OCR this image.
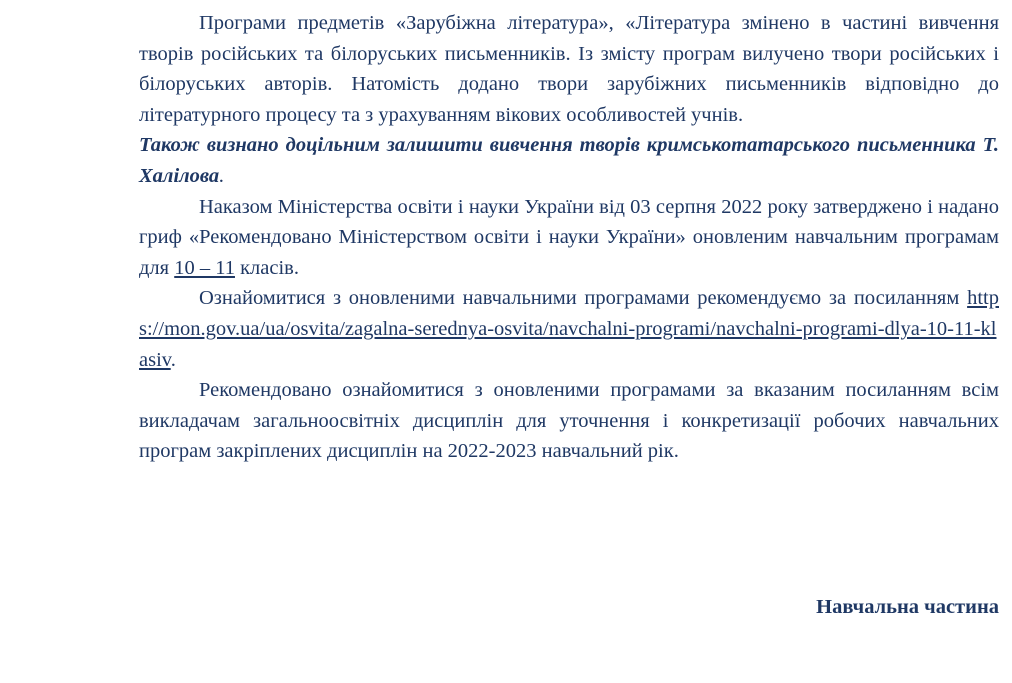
Програми предметів «Зарубіжна література», «Література змінено в частині вивчення творів російських та білоруських письменників. Із змісту програм вилучено твори російських і білоруських авторів. Натомість додано твори зарубіжних письменників відповідно до літературного процесу та з урахуванням вікових особливостей учнів.

Також визнано доцільним залишити вивчення творів кримськотатарського письменника Т. Халілова.

Наказом Міністерства освіти і науки України від 03 серпня 2022 року затверджено і надано гриф «Рекомендовано Міністерством освіти і науки України» оновленим навчальним програмам для 10 – 11 класів.

Ознайомитися з оновленими навчальними програмами рекомендуємо за посиланням https://mon.gov.ua/ua/osvita/zagalna-serednya-osvita/navchalni-programi/navchalni-programi-dlya-10-11-klasiv.

Рекомендовано ознайомитися з оновленими програмами за вказаним посиланням всім викладачам загальноосвітніх дисциплін для уточнення і конкретизації робочих навчальних програм закріплених дисциплін на 2022-2023 навчальний рік.

Навчальна частина
